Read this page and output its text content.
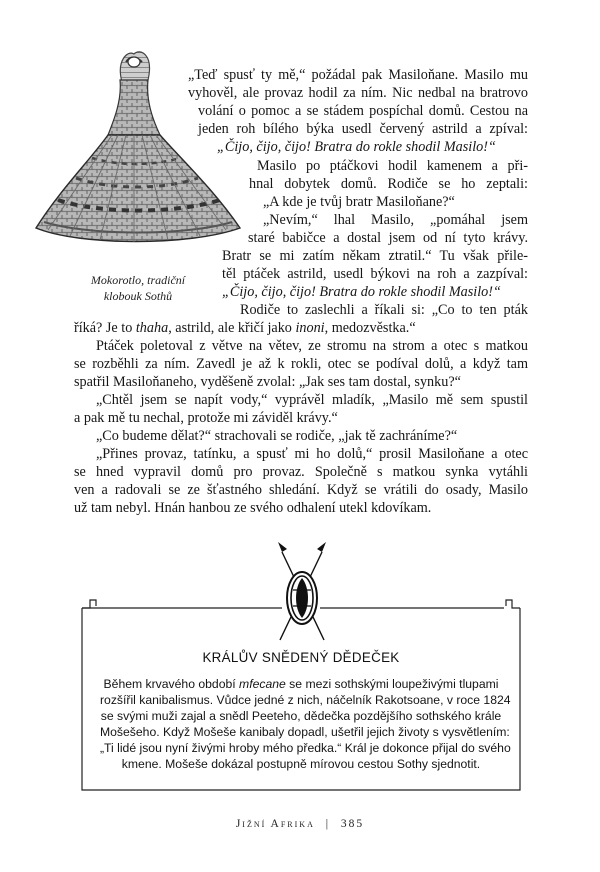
Mokorotlo, tradiční
klobouk Sothů
„Teď spusť ty mě,“ požádal pak Masiloňane. Masilo mu
vyhověl, ale provaz hodil za ním. Nic nedbal na bratrovo
volání o pomoc a se stádem pospíchal domů. Cestou na
jeden roh bílého býka usedl červený astrild a zpíval:
„Čijo, čijo, čijo! Bratra do rokle shodil Masilo!“
Masilo po ptáčkovi hodil kamenem a při-
hnal dobytek domů. Rodiče se ho zeptali:
„A kde je tvůj bratr Masiloňane?“
„Nevím,“ lhal Masilo, „pomáhal jsem
staré babičce a dostal jsem od ní tyto krávy.
Bratr se mi zatím někam ztratil.“ Tu však přile-
těl ptáček astrild, usedl býkovi na roh a zazpíval:
„Čijo, čijo, čijo! Bratra do rokle shodil Masilo!“
Rodiče to zaslechli a říkali si: „Co to ten pták
říká? Je to thaha, astrild, ale křičí jako inoni, medozvěstka.“
Ptáček poletoval z větve na větev, ze stromu na strom a otec s matkou
se rozběhli za ním. Zavedl je až k rokli, otec se podíval dolů, a když tam
spatřil Masiloňaneho, vyděšeně zvolal: „Jak ses tam dostal, synku?“
„Chtěl jsem se napít vody,“ vyprávěl mladík, „Masilo mě sem spustil
a pak mě tu nechal, protože mi záviděl krávy.“
„Co budeme dělat?“ strachovali se rodiče, „jak tě zachráníme?“
„Přines provaz, tatínku, a spusť mi ho dolů,“ prosil Masiloňane a otec
se hned vypravil domů pro provaz. Společně s matkou synka vytáhli
ven a radovali se ze šťastného shledání. Když se vrátili do osady, Masilo
už tam nebyl. Hnán hanbou ze svého odhalení utekl kdovíkam.
KRÁLŮV SNĚDENÝ DĚDEČEK
Během krvavého období mfecane se mezi sothskými loupeživými tlupami
rozšířil kanibalismus. Vůdce jedné z nich, náčelník Rakotsoane, v roce 1824
se svými muži zajal a snědl Peeteho, dědečka pozdějšího sothského krále
Mošešeho. Když Mošeše kanibaly dopadl, ušetřil jejich životy s vysvětlením:
„Ti lidé jsou nyní živými hroby mého předka.“ Král je dokonce přijal do svého
kmene. Mošeše dokázal postupně mírovou cestou Sothy sjednotit.
Jižní Afrika | 385
